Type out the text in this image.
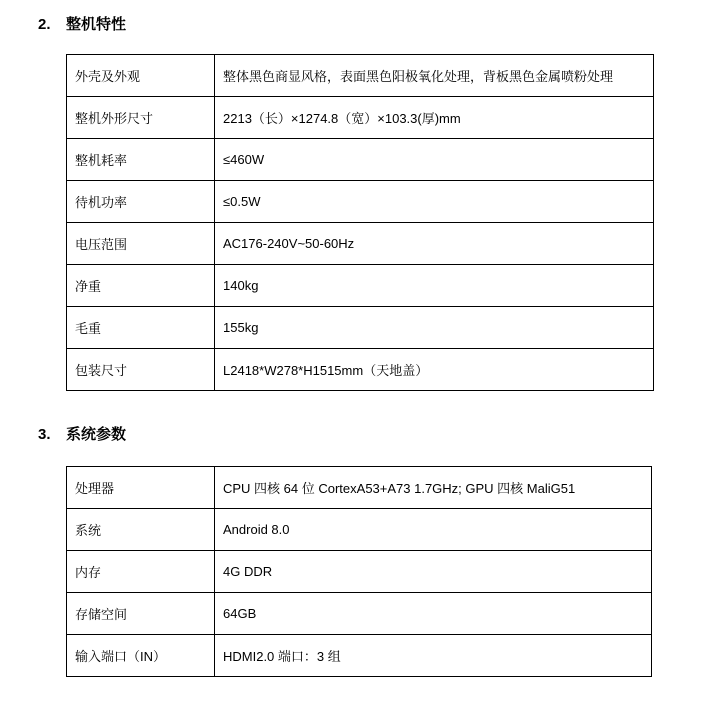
2. 整机特性
外壳及外观	整体黑色商显风格，表面黑色阳极氧化处理，背板黑色金属喷粉处理
整机外形尺寸	2213（长）×1274.8（宽）×103.3(厚)mm
整机耗率	≤460W
待机功率	≤0.5W
电压范围	AC176-240V~50-60Hz
净重	140kg
毛重	155kg
包装尺寸	L2418*W278*H1515mm（天地盖）
3. 系统参数
处理器	CPU 四核 64 位 CortexA53+A73 1.7GHz; GPU 四核 MaliG51
系统	Android 8.0
内存	4G DDR
存储空间	64GB
输入端口（IN）	HDMI2.0 端口：3 组
